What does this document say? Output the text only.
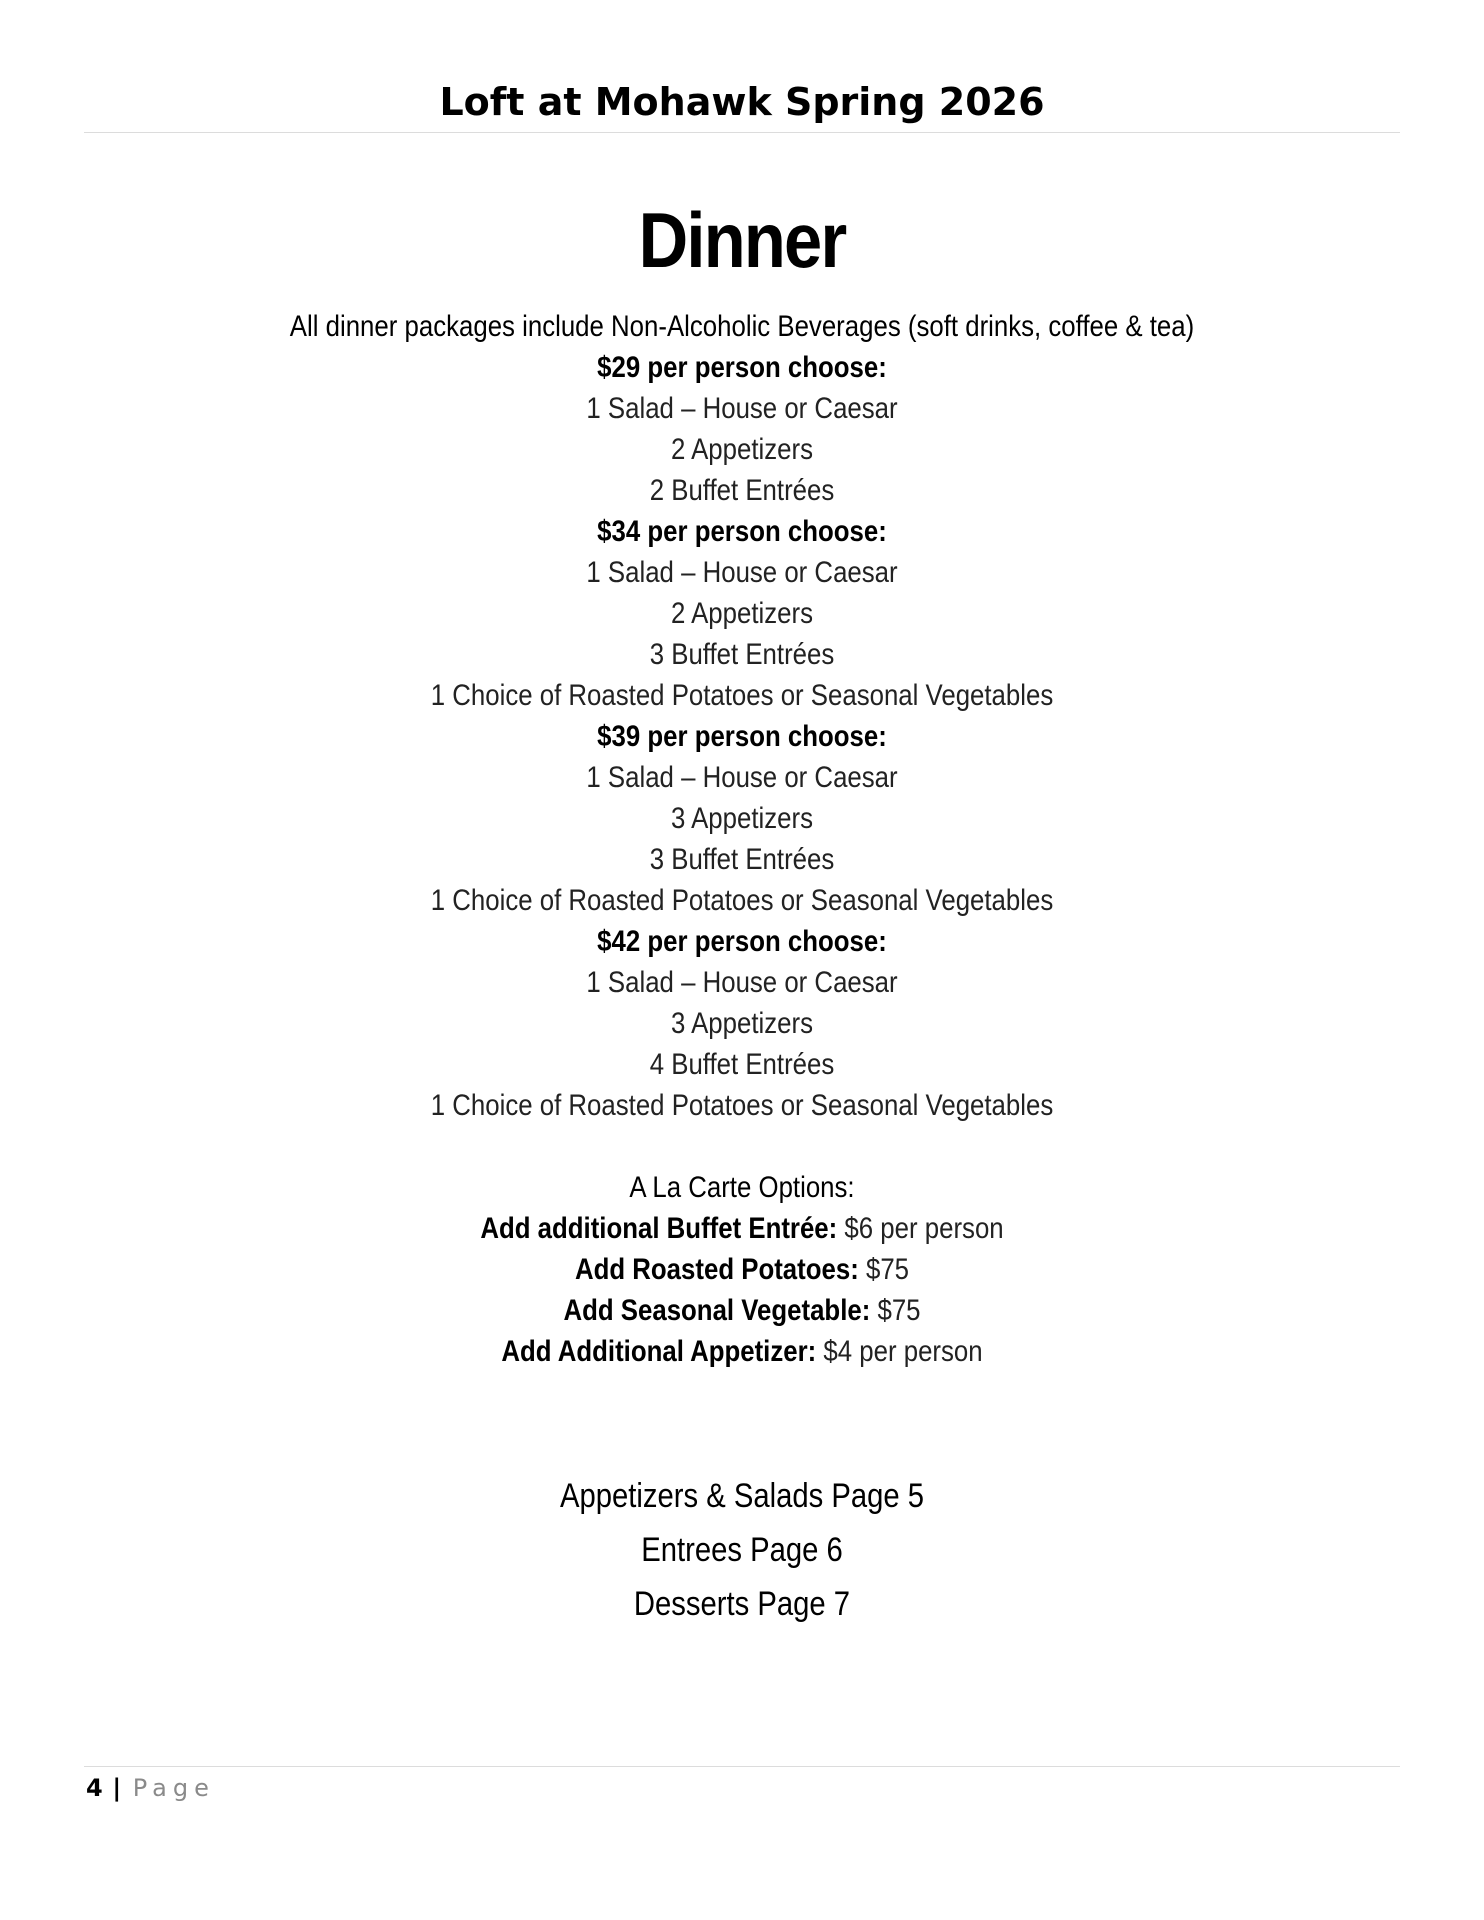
Loft at Mohawk Spring 2026
Dinner
All dinner packages include Non-Alcoholic Beverages (soft drinks, coffee & tea)
$29 per person choose:
1 Salad – House or Caesar
2 Appetizers
2 Buffet Entrées
$34 per person choose:
1 Salad – House or Caesar
2 Appetizers
3 Buffet Entrées
1 Choice of Roasted Potatoes or Seasonal Vegetables
$39 per person choose:
1 Salad – House or Caesar
3 Appetizers
3 Buffet Entrées
1 Choice of Roasted Potatoes or Seasonal Vegetables
$42 per person choose:
1 Salad – House or Caesar
3 Appetizers
4 Buffet Entrées
1 Choice of Roasted Potatoes or Seasonal Vegetables
A La Carte Options:
Add additional Buffet Entrée: $6 per person
Add Roasted Potatoes: $75
Add Seasonal Vegetable: $75
Add Additional Appetizer: $4 per person
Appetizers & Salads Page 5
Entrees Page 6
Desserts Page 7
4 | Page
